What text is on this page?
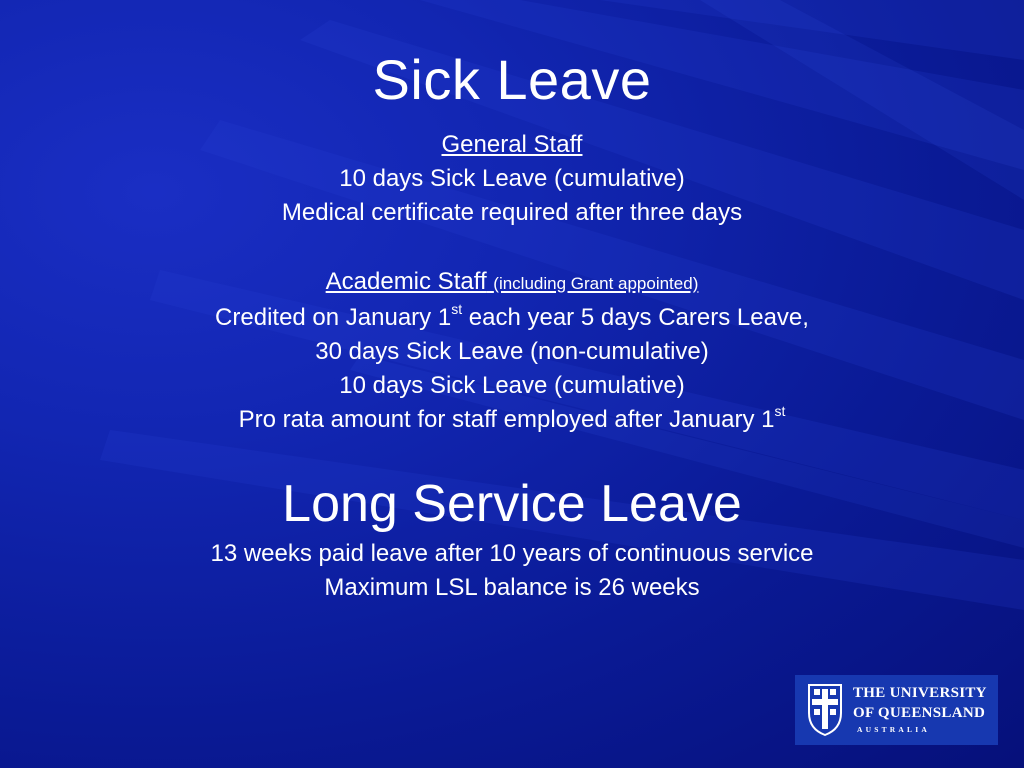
Sick Leave
General Staff
10 days Sick Leave (cumulative)
Medical certificate required after three days
Academic Staff (including Grant appointed)
Credited on January 1st each year 5 days Carers Leave,
30 days Sick Leave (non-cumulative)
10 days Sick Leave (cumulative)
Pro rata amount for staff employed after January 1st
Long Service Leave
13 weeks paid leave after 10 years of continuous service
Maximum LSL balance is 26 weeks
THE UNIVERSITY
OF QUEENSLAND
AUSTRALIA
